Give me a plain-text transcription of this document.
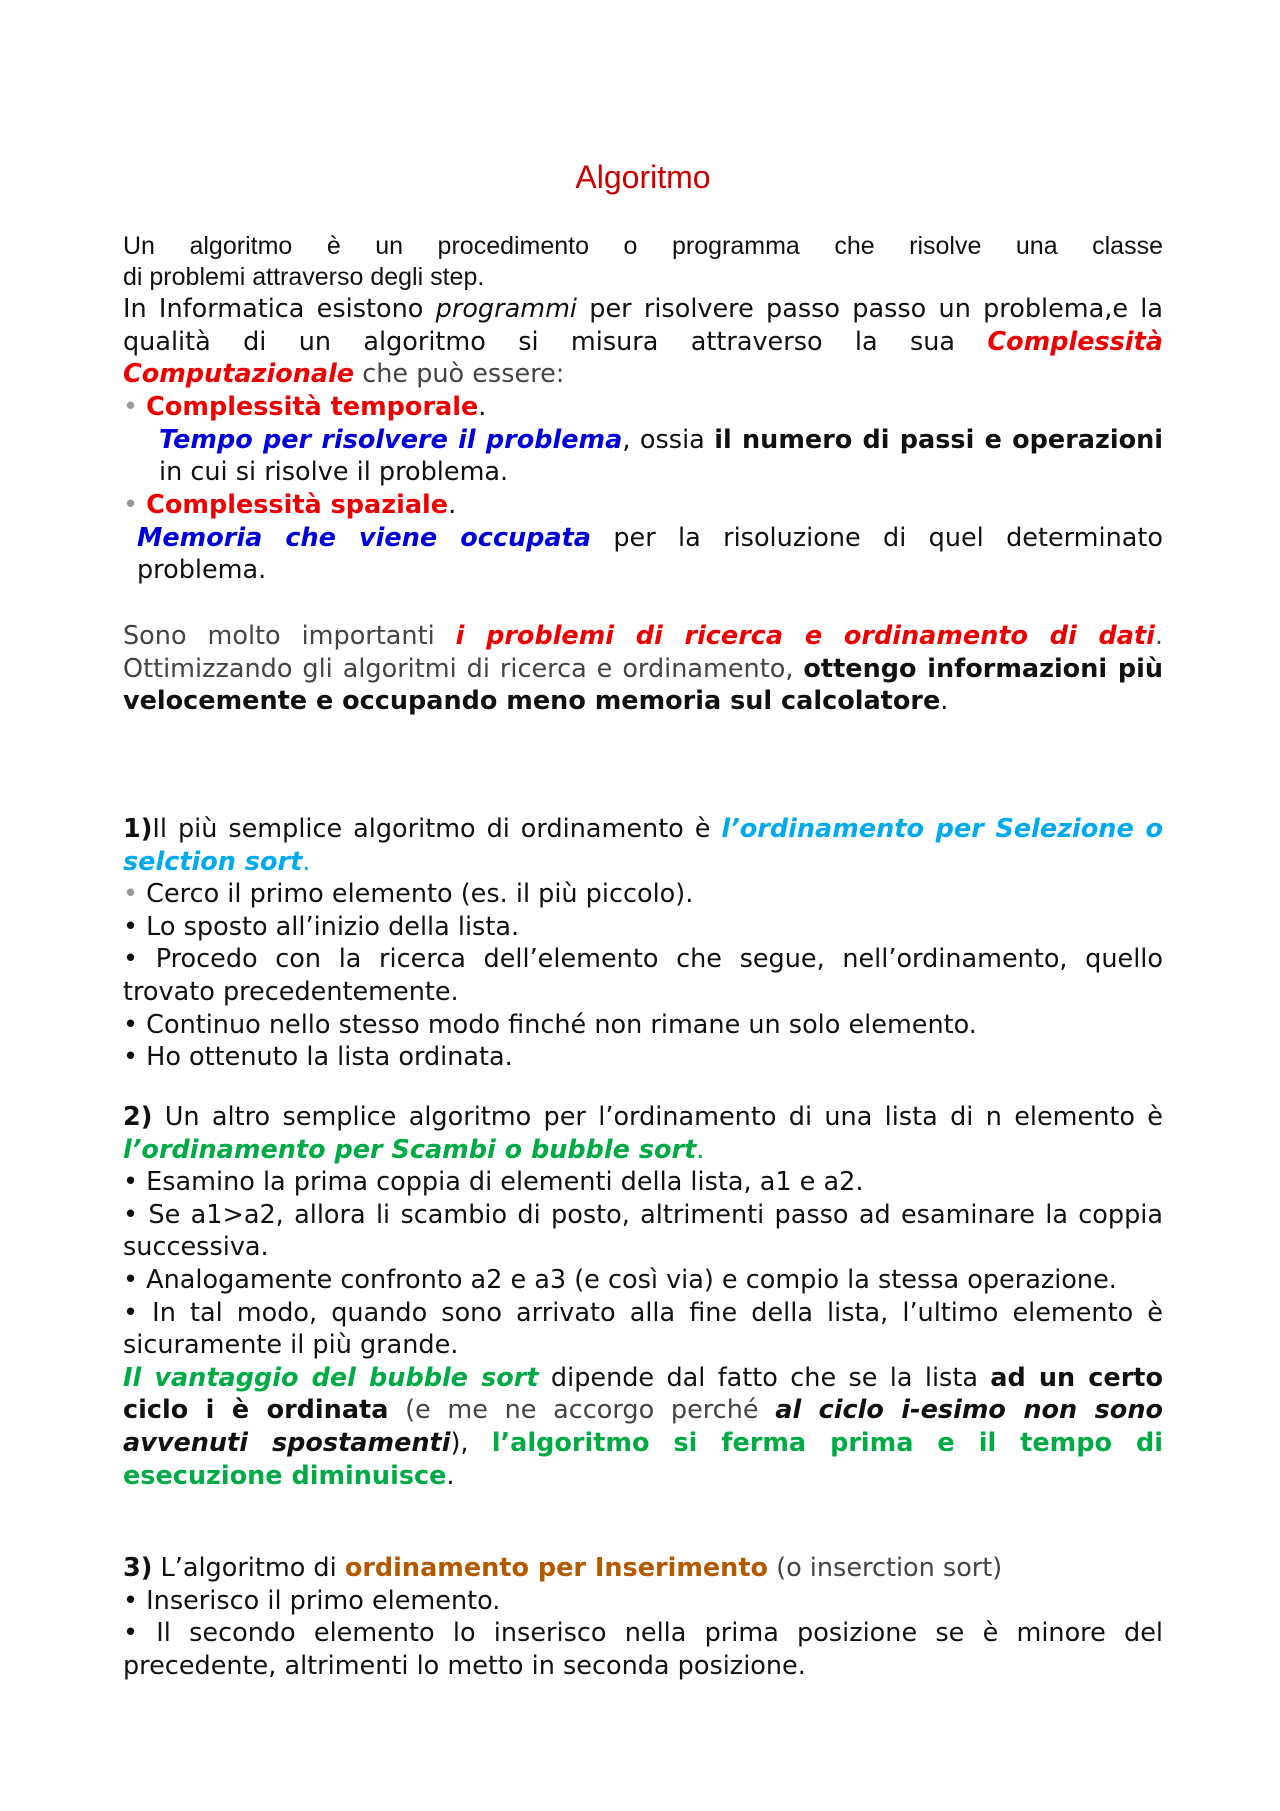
Algoritmo

Un algoritmo è un procedimento o programma che risolve una classe

di problemi attraverso degli step.

In Informatica esistono programmi per risolvere passo passo un problema,e la qualità di un algoritmo si misura attraverso la sua Complessità Computazionale che può essere:

• Complessità temporale.

Tempo per risolvere il problema, ossia il numero di passi e operazioni in cui si risolve il problema.

• Complessità spaziale.

Memoria che viene occupata per la risoluzione di quel determinato problema.

Sono molto importanti i problemi di ricerca e ordinamento di dati. Ottimizzando gli algoritmi di ricerca e ordinamento, ottengo informazioni più velocemente e occupando meno memoria sul calcolatore.

1)Il più semplice algoritmo di ordinamento è l’ordinamento per Selezione o selction sort.

• Cerco il primo elemento (es. il più piccolo).

• Lo sposto all’inizio della lista.

• Procedo con la ricerca dell’elemento che segue, nell’ordinamento, quello trovato precedentemente.

• Continuo nello stesso modo finché non rimane un solo elemento.

• Ho ottenuto la lista ordinata.

2) Un altro semplice algoritmo per l’ordinamento di una lista di n elemento è l’ordinamento per Scambi o bubble sort.

• Esamino la prima coppia di elementi della lista, a1 e a2.

• Se a1>a2, allora li scambio di posto, altrimenti passo ad esaminare la coppia successiva.

• Analogamente confronto a2 e a3 (e così via) e compio la stessa operazione.

• In tal modo, quando sono arrivato alla fine della lista, l’ultimo elemento è sicuramente il più grande.

Il vantaggio del bubble sort dipende dal fatto che se la lista ad un certo ciclo i è ordinata (e me ne accorgo perché al ciclo i-esimo non sono avvenuti spostamenti), l’algoritmo si ferma prima e il tempo di esecuzione diminuisce.

3) L’algoritmo di ordinamento per Inserimento (o inserction sort)

• Inserisco il primo elemento.

• Il secondo elemento lo inserisco nella prima posizione se è minore del precedente, altrimenti lo metto in seconda posizione.
